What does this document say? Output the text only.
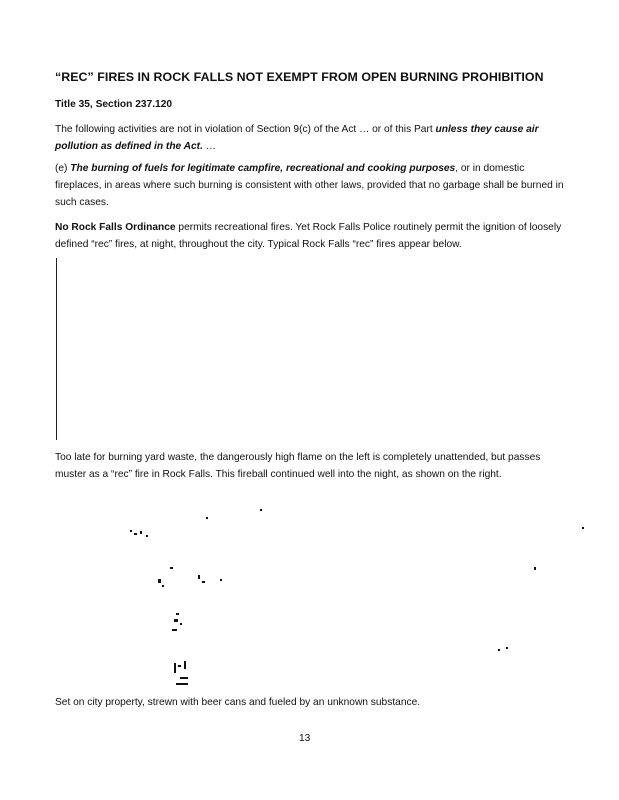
“REC” FIRES IN ROCK FALLS NOT EXEMPT FROM OPEN BURNING PROHIBITION
Title 35, Section 237.120
The following activities are not in violation of Section 9(c) of the Act … or of this Part unless they cause air pollution as defined in the Act. …
(e) The burning of fuels for legitimate campfire, recreational and cooking purposes, or in domestic fireplaces, in areas where such burning is consistent with other laws, provided that no garbage shall be burned in such cases.
No Rock Falls Ordinance permits recreational fires. Yet Rock Falls Police routinely permit the ignition of loosely defined “rec” fires, at night, throughout the city. Typical Rock Falls “rec” fires appear below.
Too late for burning yard waste, the dangerously high flame on the left is completely unattended, but passes muster as a “rec” fire in Rock Falls. This fireball continued well into the night, as shown on the right.
Set on city property, strewn with beer cans and fueled by an unknown substance.
13
